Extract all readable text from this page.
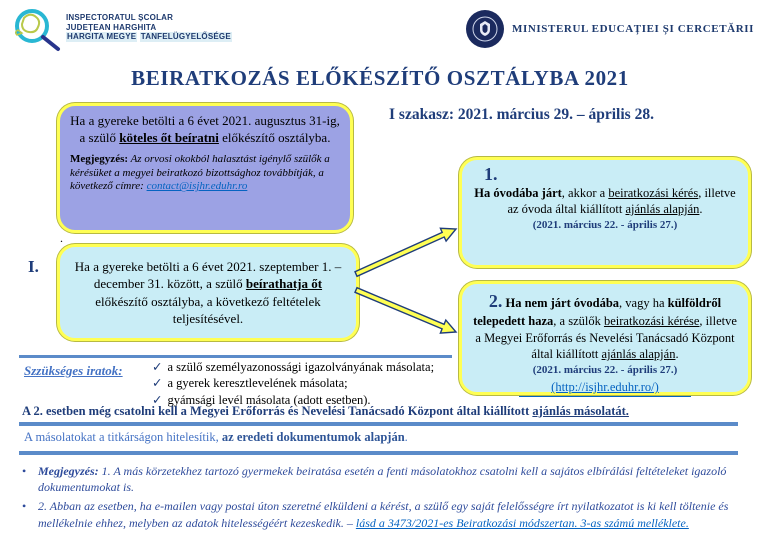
INSPECTORATUL ȘCOLAR
JUDEȚEAN HARGHITA
HARGITA MEGYE TANFELÜGYELŐSÉGE
MINISTERUL EDUCAȚIEI ȘI CERCETĂRII
BEIRATKOZÁS ELŐKÉSZÍTŐ OSZTÁLYBA 2021
I szakasz: 2021. március 29. – április 28.
I.
Ha a gyereke betölti a 6 évet 2021. augusztus 31-ig, a szülő köteles őt beíratni előkészítő osztályba.
Megjegyzés: Az orvosi okokból halasztást igénylő szülők a kérésüket a megyei beiratkozó bizottsághoz továbbítják, a következő címre: contact@isjhr.eduhr.ro
.
Ha a gyereke betölti a 6 évet 2021. szeptember 1. – december 31. között, a szülő beírathatja őt előkészítő osztályba, a következő feltételek teljesítésével.
1.
Ha óvodába járt, akkor a beiratkozási kérés, illetve az óvoda által kiállított ajánlás alapján.
(2021. március 22. - április 27.)
2. Ha nem járt óvodába, vagy ha külföldről telepedett haza, a szülők beiratkozási kérése, illetve a Megyei Erőforrás és Nevelési Tanácsadó Központ által kiállított ajánlás alapján.
(2021. március 22. - április 27.)
(http://isjhr.eduhr.ro/)
Szzükséges iratok: ✓ a szülő személyazonossági igazolványának másolata;
✓ a gyerek keresztlevelének másolata;
✓ gyámsági levél másolata (adott esetben).
A 2. esetben még csatolni kell a Megyei Erőforrás és Nevelési Tanácsadó Központ által kiállított ajánlás másolatát.
A másolatokat a titkárságon hitelesítik, az eredeti dokumentumok alapján.
• Megjegyzés: 1. A más körzetekhez tartozó gyermekek beiratása esetén a fenti másolatokhoz csatolni kell a sajátos elbírálási feltételeket igazoló dokumentumokat is.
• 2. Abban az esetben, ha e-mailen vagy postai úton szeretné elküldeni a kérést, a szülő egy saját felelősségre írt nyilatkozatot is ki kell töltenie és mellékelnie ehhez, melyben az adatok hitelességéért kezeskedik. – lásd a 3473/2021-es Beiratkozási módszertan. 3-as számú melléklete.
